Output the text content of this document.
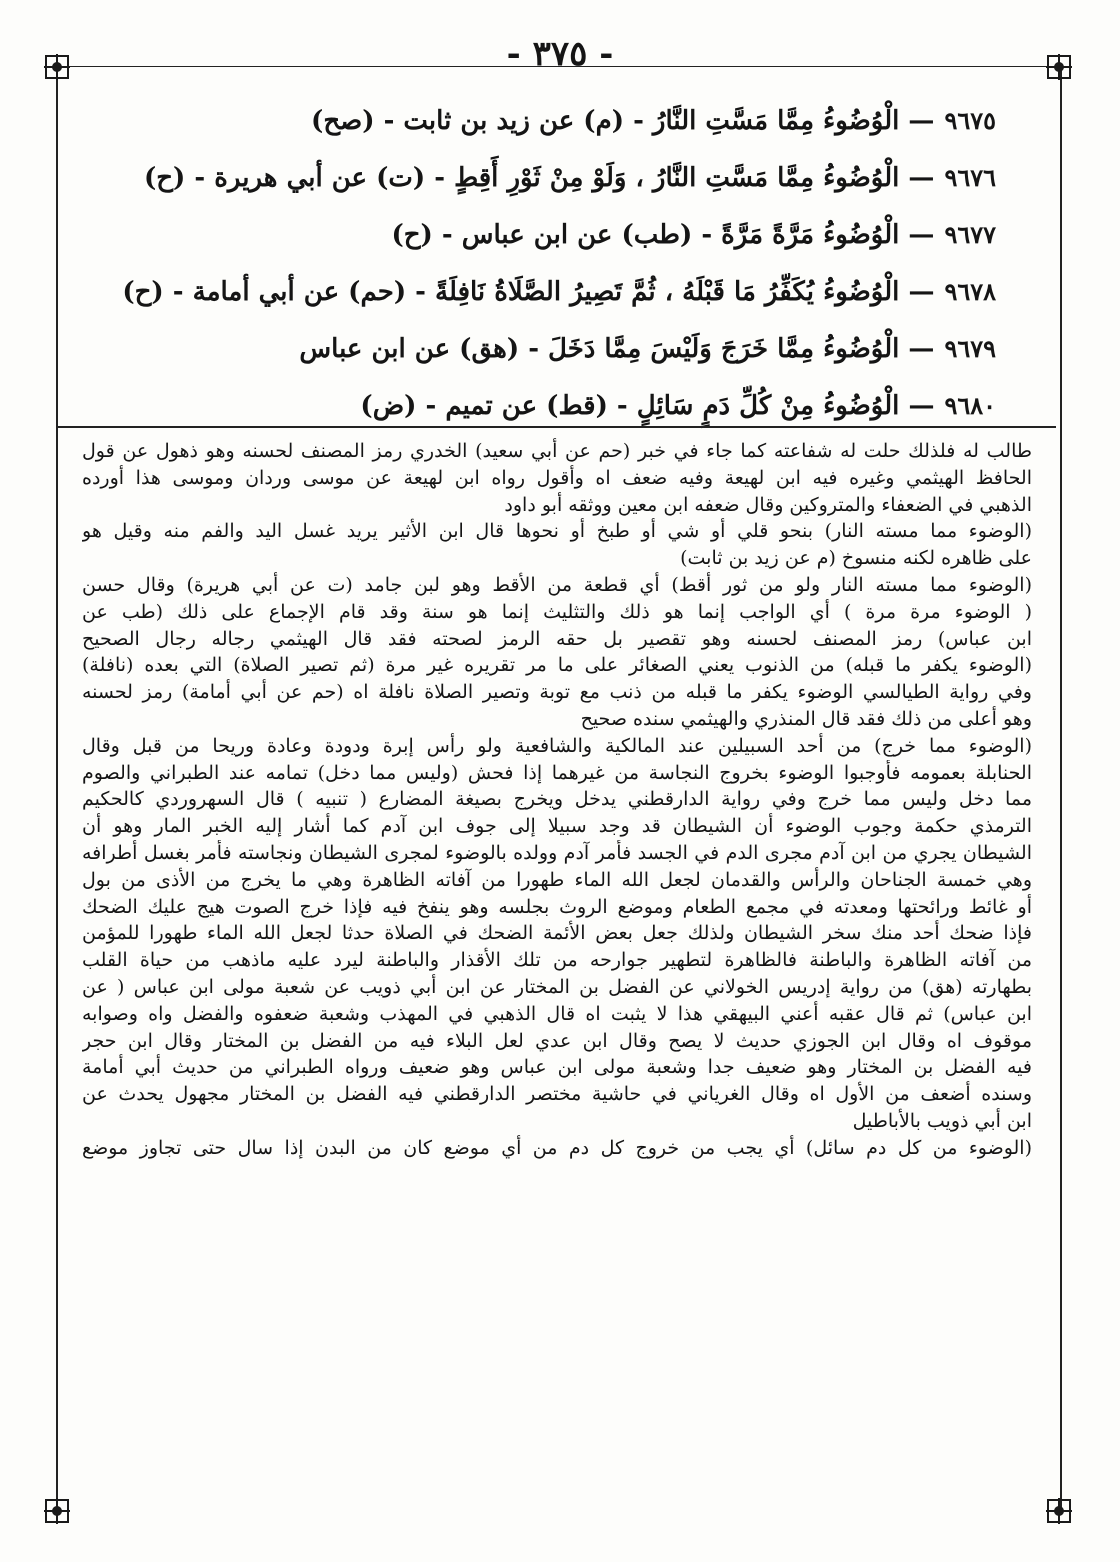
- ٣٧٥ -
٩٦٧٥— الْوُضُوءُ مِمَّا مَسَّتِ النَّارُ - (م) عن زيد بن ثابت - (صح)
٩٦٧٦— الْوُضُوءُ مِمَّا مَسَّتِ النَّارُ ، وَلَوْ مِنْ ثَوْرِ أَقِطٍ - (ت) عن أبي هريرة - (ح)
٩٦٧٧— الْوُضُوءُ مَرَّةً مَرَّةً - (طب) عن ابن عباس - (ح)
٩٦٧٨— الْوُضُوءُ يُكَفِّرُ مَا قَبْلَهُ ، ثُمَّ تَصِيرُ الصَّلَاةُ نَافِلَةً - (حم) عن أبي أمامة - (ح)
٩٦٧٩— الْوُضُوءُ مِمَّا خَرَجَ وَلَيْسَ مِمَّا دَخَلَ - (هق) عن ابن عباس
٩٦٨٠— الْوُضُوءُ مِنْ كُلِّ دَمٍ سَائِلٍ - (قط) عن تميم - (ض)
طالب له فلذلك حلت له شفاعته كما جاء في خبر (حم عن أبي سعيد) الخدري رمز المصنف لحسنه وهو ذهول عن قول
الحافظ الهيثمي وغيره فيه ابن لهيعة وفيه ضعف اه وأقول رواه ابن لهيعة عن موسى وردان وموسى هذا أورده
الذهبي في الضعفاء والمتروكين وقال ضعفه ابن معين ووثقه أبو داود
(الوضوء مما مسته النار) بنحو قلي أو شي أو طبخ أو نحوها قال ابن الأثير يريد غسل اليد والفم منه وقيل هو
على ظاهره لكنه منسوخ (م عن زيد بن ثابت)
(الوضوء مما مسته النار ولو من ثور أقط) أي قطعة من الأقط وهو لبن جامد (ت عن أبي هريرة) وقال حسن
( الوضوء مرة مرة ) أي الواجب إنما هو ذلك والتثليث إنما هو سنة وقد قام الإجماع على ذلك (طب عن
ابن عباس) رمز المصنف لحسنه وهو تقصير بل حقه الرمز لصحته فقد قال الهيثمي رجاله رجال الصحيح
(الوضوء يكفر ما قبله) من الذنوب يعني الصغائر على ما مر تقريره غير مرة (ثم تصير الصلاة) التي بعده (نافلة)
وفي رواية الطيالسي الوضوء يكفر ما قبله من ذنب مع توبة وتصير الصلاة نافلة اه (حم عن أبي أمامة) رمز لحسنه
وهو أعلى من ذلك فقد قال المنذري والهيثمي سنده صحيح
(الوضوء مما خرج) من أحد السبيلين عند المالكية والشافعية ولو رأس إبرة ودودة وعادة وريحا من قبل وقال
الحنابلة بعمومه فأوجبوا الوضوء بخروج النجاسة من غيرهما إذا فحش (وليس مما دخل) تمامه عند الطبراني والصوم
مما دخل وليس مما خرج وفي رواية الدارقطني يدخل ويخرج بصيغة المضارع ( تنبيه ) قال السهروردي كالحكيم
الترمذي حكمة وجوب الوضوء أن الشيطان قد وجد سبيلا إلى جوف ابن آدم كما أشار إليه الخبر المار وهو أن
الشيطان يجري من ابن آدم مجرى الدم في الجسد فأمر آدم وولده بالوضوء لمجرى الشيطان ونجاسته فأمر بغسل أطرافه
وهي خمسة الجناحان والرأس والقدمان لجعل الله الماء طهورا من آفاته الظاهرة وهي ما يخرج من الأذى من بول
أو غائط ورائحتها ومعدته في مجمع الطعام وموضع الروث بجلسه وهو ينفخ فيه فإذا خرج الصوت هيج عليك الضحك
فإذا ضحك أحد منك سخر الشيطان ولذلك جعل بعض الأئمة الضحك في الصلاة حدثا لجعل الله الماء طهورا للمؤمن
من آفاته الظاهرة والباطنة فالظاهرة لتطهير جوارحه من تلك الأقذار والباطنة ليرد عليه ماذهب من حياة القلب
بطهارته (هق) من رواية إدريس الخولاني عن الفضل بن المختار عن ابن أبي ذويب عن شعبة مولى ابن عباس ( عن
ابن عباس) ثم قال عقبه أعني البيهقي هذا لا يثبت اه قال الذهبي في المهذب وشعبة ضعفوه والفضل واه وصوابه
موقوف اه وقال ابن الجوزي حديث لا يصح وقال ابن عدي لعل البلاء فيه من الفضل بن المختار وقال ابن حجر
فيه الفضل بن المختار وهو ضعيف جدا وشعبة مولى ابن عباس وهو ضعيف ورواه الطبراني من حديث أبي أمامة
وسنده أضعف من الأول اه وقال الغرياني في حاشية مختصر الدارقطني فيه الفضل بن المختار مجهول يحدث عن
ابن أبي ذويب بالأباطيل
(الوضوء من كل دم سائل) أي يجب من خروج كل دم من أي موضع كان من البدن إذا سال حتى تجاوز موضع
